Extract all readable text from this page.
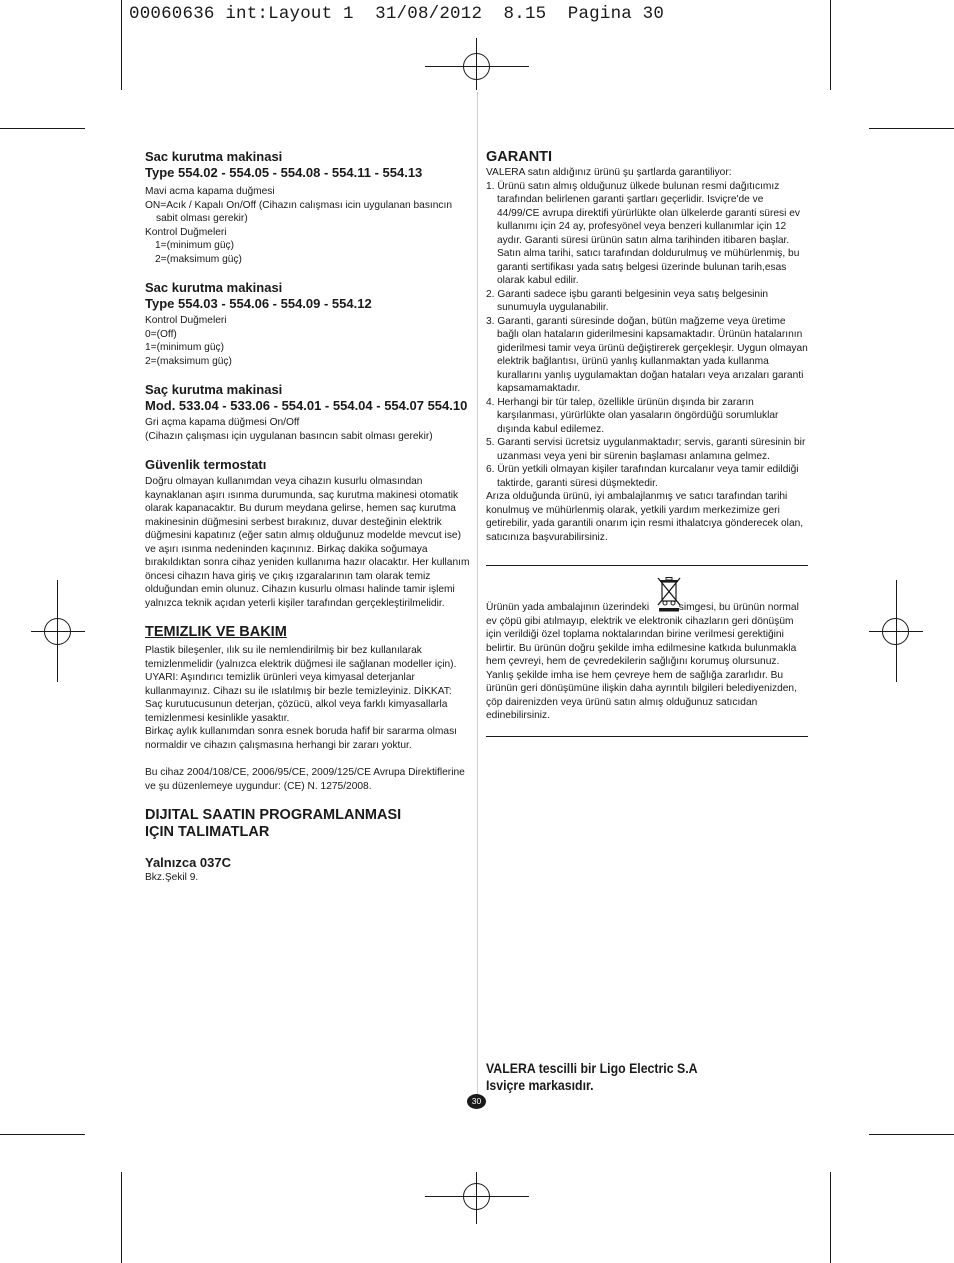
00060636 int:Layout 1  31/08/2012  8.15  Pagina 30

Sac kurutma makinasi

Type 554.02 - 554.05 - 554.08 - 554.11 - 554.13

Mavi acma kapama duğmesi

ON=Acık / Kapalı On/Off (Cihazın calışması icin uygulanan basıncın sabit olması gerekir)

Kontrol Duğmeleri

1=(minimum güç)

2=(maksimum güç)

Sac kurutma makinasi

Type 554.03 - 554.06 - 554.09 - 554.12

Kontrol Duğmeleri

0=(Off)

1=(minimum güç)

2=(maksimum güç)

Saç kurutma makinasi

Mod. 533.04 - 533.06 - 554.01 - 554.04 - 554.07 554.10

Gri açma kapama düğmesi On/Off

(Cihazın çalışması için uygulanan basıncın sabit olması gerekir)

Güvenlik termostatı

Doğru olmayan kullanımdan veya cihazın kusurlu olmasından kaynaklanan aşırı ısınma durumunda, saç kurutma makinesi otomatik olarak kapanacaktır. Bu durum meydana gelirse, hemen saç kurutma makinesinin düğmesini serbest bırakınız, duvar desteğinin elektrik düğmesini kapatınız (eğer satın almış olduğunuz modelde mevcut ise) ve aşırı ısınma nedeninden kaçınınız. Birkaç dakika soğumaya bırakıldıktan sonra cihaz yeniden kullanıma hazır olacaktır. Her kullanım öncesi cihazın hava giriş ve çıkış ızgaralarının tam olarak temiz olduğundan emin olunuz. Cihazın kusurlu olması halinde tamir işlemi yalnızca teknik açıdan yeterli kişiler tarafından gerçekleştirilmelidir.

TEMIZLIK VE BAKIM

Plastik bileşenler, ılık su ile nemlendirilmiş bir bez kullanılarak temizlenmelidir (yalnızca elektrik düğmesi ile sağlanan modeller için). UYARI: Aşındırıcı temizlik ürünleri veya kimyasal deterjanlar kullanmayınız. Cihazı su ile ıslatılmış bir bezle temizleyiniz. DİKKAT: Saç kurutucusunun deterjan, çözücü, alkol veya farklı kimyasallarla temizlenmesi kesinlikle yasaktır.

Birkaç aylık kullanımdan sonra esnek boruda hafif bir sararma olması normaldir ve cihazın çalışmasına herhangi bir zararı yoktur.

Bu cihaz 2004/108/CE, 2006/95/CE, 2009/125/CE Avrupa Direktiflerine ve şu düzenlemeye uygundur: (CE) N. 1275/2008.

DIJITAL SAATIN PROGRAMLANMASI

IÇIN TALIMATLAR

Yalnızca 037C

Bkz.Şekil 9.

GARANTI

VALERA satın aldığınız ürünü şu şartlarda garantiliyor:

1. Ürünü satın almış olduğunuz ülkede bulunan resmi dağıtıcımız tarafından belirlenen garanti şartları geçerlidir. Isviçre'de ve 44/99/CE avrupa direktifi yürürlükte olan ülkelerde garanti süresi ev kullanımı için 24 ay, profesyönel veya benzeri kullanımlar için 12 aydır. Garanti süresi ürünün satın alma tarihinden itibaren başlar. Satın alma tarihi, satıcı tarafından doldurulmuş ve mühürlenmiş, bu garanti sertifikası yada satış belgesi üzerinde bulunan tarih,esas olarak kabul edilir.

2. Garanti sadece işbu garanti belgesinin veya satış belgesinin sunumuyla uygulanabilir.

3. Garanti, garanti süresinde doğan, bütün mağzeme veya üretime bağlı olan hataların giderilmesini kapsamaktadır. Ürünün hatalarının giderilmesi tamir veya ürünü değiştirerek gerçekleşir. Uygun olmayan elektrik bağlantısı, ürünü yanlış kullanmaktan yada kullanma kurallarını yanlış uygulamaktan doğan hataları veya arızaları garanti kapsamamaktadır.

4. Herhangi bir tür talep, özellikle ürünün dışında bir zararın karşılanması, yürürlükte olan yasaların öngördüğü sorumluklar dışında kabul edilemez.

5. Garanti servisi ücretsiz uygulanmaktadır; servis, garanti süresinin bir uzanması veya yeni bir sürenin başlaması anlamına gelmez.

6. Ürün yetkili olmayan kişiler tarafından kurcalanır veya tamir edildiği taktirde, garanti süresi düşmektedir.

Arıza olduğunda ürünü, iyi ambalajlanmış ve satıcı tarafından tarihi konulmuş ve mühürlenmiş olarak, yetkili yardım merkezimize geri getirebilir, yada garantili onarım için resmi ithalatcıya gönderecek olan, satıcınıza başvurabilirsiniz.

Ürünün yada ambalajının üzerindeki	simgesi, bu ürünün normal ev çöpü gibi atılmayıp, elektrik ve elektronik cihazların geri dönüşüm için verildiği özel toplama noktalarından birine verilmesi gerektiğini belirtir. Bu ürünün doğru şekilde imha edilmesine katkıda bulunmakla hem çevreyi, hem de çevredekilerin sağlığını korumuş olursunuz. Yanlış şekilde imha ise hem çevreye hem de sağlığa zararlıdır. Bu ürünün geri dönüşümüne ilişkin daha ayrıntılı bilgileri belediyenizden, çöp dairenizden veya ürünü satın almış olduğunuz satıcıdan edinebilirsiniz.
VALERA tescilli bir Ligo Electric S.A
Isviçre markasıdır.
30
